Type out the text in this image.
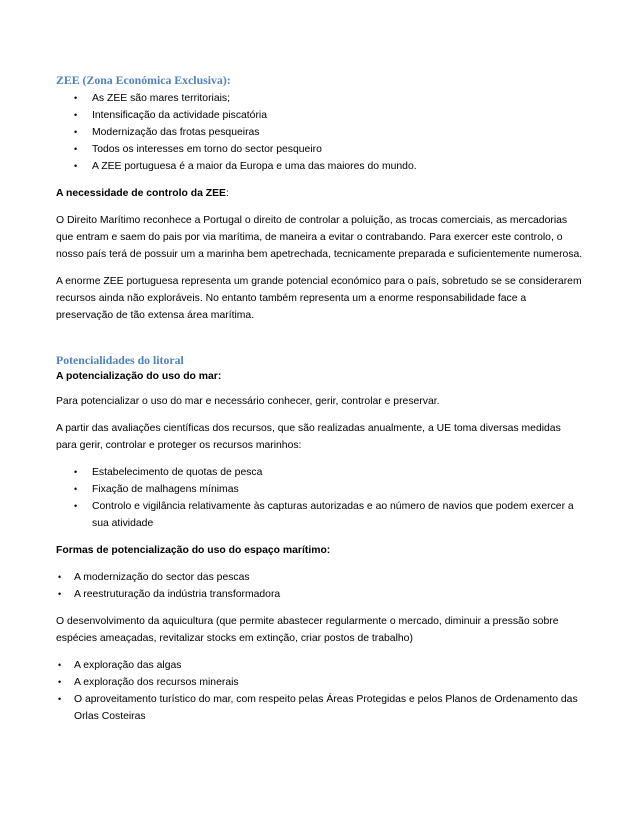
ZEE (Zona Económica Exclusiva):
• As ZEE são mares territoriais;
• Intensificação da actividade piscatória
• Modernização das frotas pesqueiras
• Todos os interesses em torno do sector pesqueiro
• A ZEE portuguesa é a maior da Europa e uma das maiores do mundo.
A necessidade de controlo da ZEE:

O Direito Marítimo reconhece a Portugal o direito de controlar a poluição, as trocas comerciais, as mercadorias que entram e saem do pais por via marítima, de maneira a evitar o contrabando. Para exercer este controlo, o nosso país terá de possuir um a marinha bem apetrechada, tecnicamente preparada e suficientemente numerosa.

A enorme ZEE portuguesa representa um grande potencial económico para o país, sobretudo se se considerarem recursos ainda não exploráveis. No entanto também representa um a enorme responsabilidade face a preservação de tão extensa área marítima.

Potencialidades do litoral
A potencialização do uso do mar:

Para potencializar o uso do mar e necessário conhecer, gerir, controlar e preservar.

A partir das avaliações científicas dos recursos, que são realizadas anualmente, a UE toma diversas medidas para gerir, controlar e proteger os recursos marinhos:

• Estabelecimento de quotas de pesca
• Fixação de malhagens mínimas
• Controlo e vigilância relativamente às capturas autorizadas e ao número de navios que podem exercer a sua atividade
Formas de potencialização do uso do espaço marítimo:
• A modernização do sector das pescas
• A reestruturação da indústria transformadora

O desenvolvimento da aquicultura (que permite abastecer regularmente o mercado, diminuir a pressão sobre espécies ameaçadas, revitalizar stocks em extinção, criar postos de trabalho)

• A exploração das algas
• A exploração dos recursos minerais
• O aproveitamento turístico do mar, com respeito pelas Áreas Protegidas e pelos Planos de Ordenamento das Orlas Costeiras
